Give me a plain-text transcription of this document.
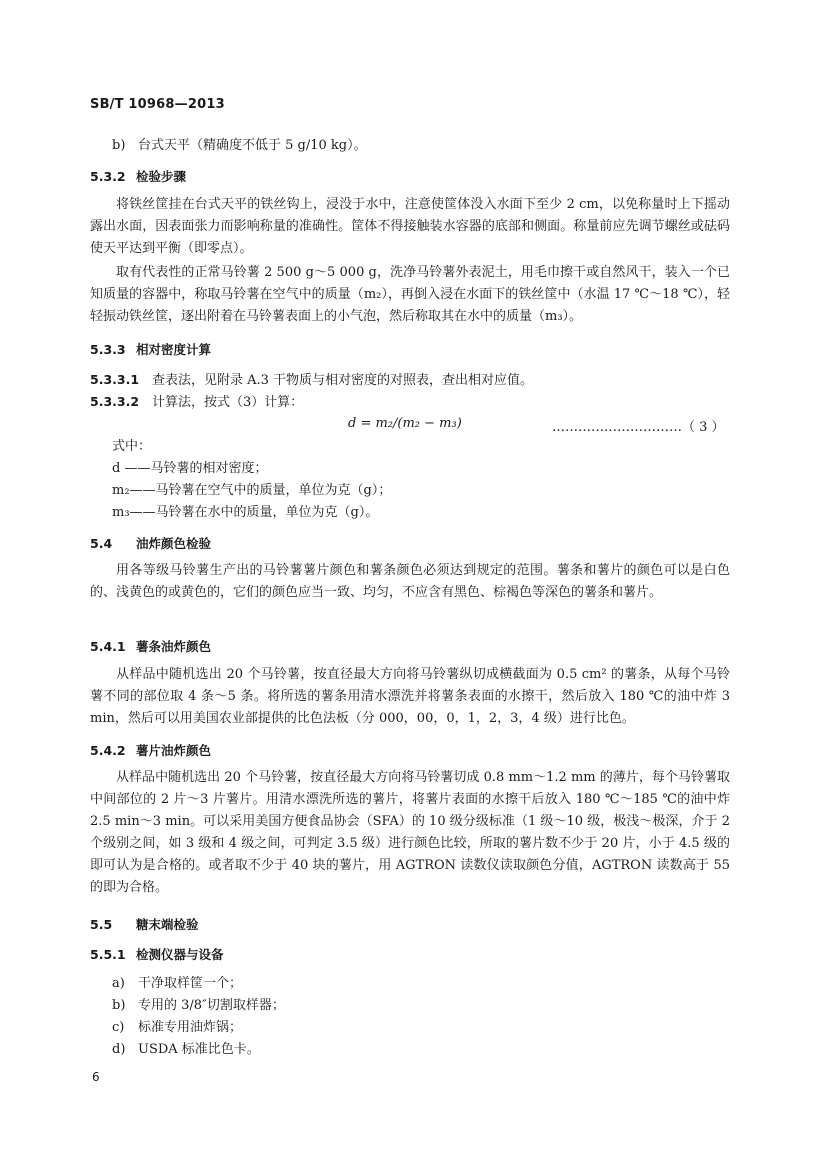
SB/T 10968—2013
b) 台式天平（精确度不低于 5 g/10 kg）。
5.3.2 检验步骤
将铁丝筐挂在台式天平的铁丝钩上，浸没于水中，注意使筐体没入水面下至少 2 cm，以免称量时上下摇动露出水面，因表面张力而影响称量的准确性。筐体不得接触装水容器的底部和侧面。称量前应先调节螺丝或砝码使天平达到平衡（即零点）。
取有代表性的正常马铃薯 2 500 g～5 000 g，洗净马铃薯外表泥土，用毛巾擦干或自然风干，装入一个已知质量的容器中，称取马铃薯在空气中的质量（m₂），再倒入浸在水面下的铁丝筐中（水温 17 ℃～18 ℃），轻轻振动铁丝筐，逐出附着在马铃薯表面上的小气泡，然后称取其在水中的质量（m₃）。
5.3.3 相对密度计算
5.3.3.1 查表法，见附录 A.3 干物质与相对密度的对照表，查出相对应值。
5.3.3.2 计算法，按式（3）计算：
d = m₂/(m₂ − m₃)	…………………………（ 3 ）
式中：
d ——马铃薯的相对密度；
m₂——马铃薯在空气中的质量，单位为克（g）；
m₃——马铃薯在水中的质量，单位为克（g）。
5.4 油炸颜色检验
用各等级马铃薯生产出的马铃薯薯片颜色和薯条颜色必须达到规定的范围。薯条和薯片的颜色可以是白色的、浅黄色的或黄色的，它们的颜色应当一致、均匀，不应含有黑色、棕褐色等深色的薯条和薯片。
5.4.1 薯条油炸颜色
从样品中随机选出 20 个马铃薯，按直径最大方向将马铃薯纵切成横截面为 0.5 cm² 的薯条，从每个马铃薯不同的部位取 4 条～5 条。将所选的薯条用清水漂洗并将薯条表面的水擦干，然后放入 180 ℃的油中炸 3 min，然后可以用美国农业部提供的比色法板（分 000，00，0，1，2，3，4 级）进行比色。
5.4.2 薯片油炸颜色
从样品中随机选出 20 个马铃薯，按直径最大方向将马铃薯切成 0.8 mm～1.2 mm 的薄片，每个马铃薯取中间部位的 2 片～3 片薯片。用清水漂洗所选的薯片，将薯片表面的水擦干后放入 180 ℃～185 ℃的油中炸 2.5 min～3 min。可以采用美国方便食品协会（SFA）的 10 级分级标准（1 级～10 级，极浅～极深，介于 2 个级别之间，如 3 级和 4 级之间，可判定 3.5 级）进行颜色比较，所取的薯片数不少于 20 片，小于 4.5 级的即可认为是合格的。或者取不少于 40 块的薯片，用 AGTRON 读数仪读取颜色分值，AGTRON 读数高于 55 的即为合格。
5.5 糖末端检验
5.5.1 检测仪器与设备
a) 干净取样筐一个；
b) 专用的 3/8″切割取样器；
c) 标准专用油炸锅；
d) USDA 标准比色卡。
6
